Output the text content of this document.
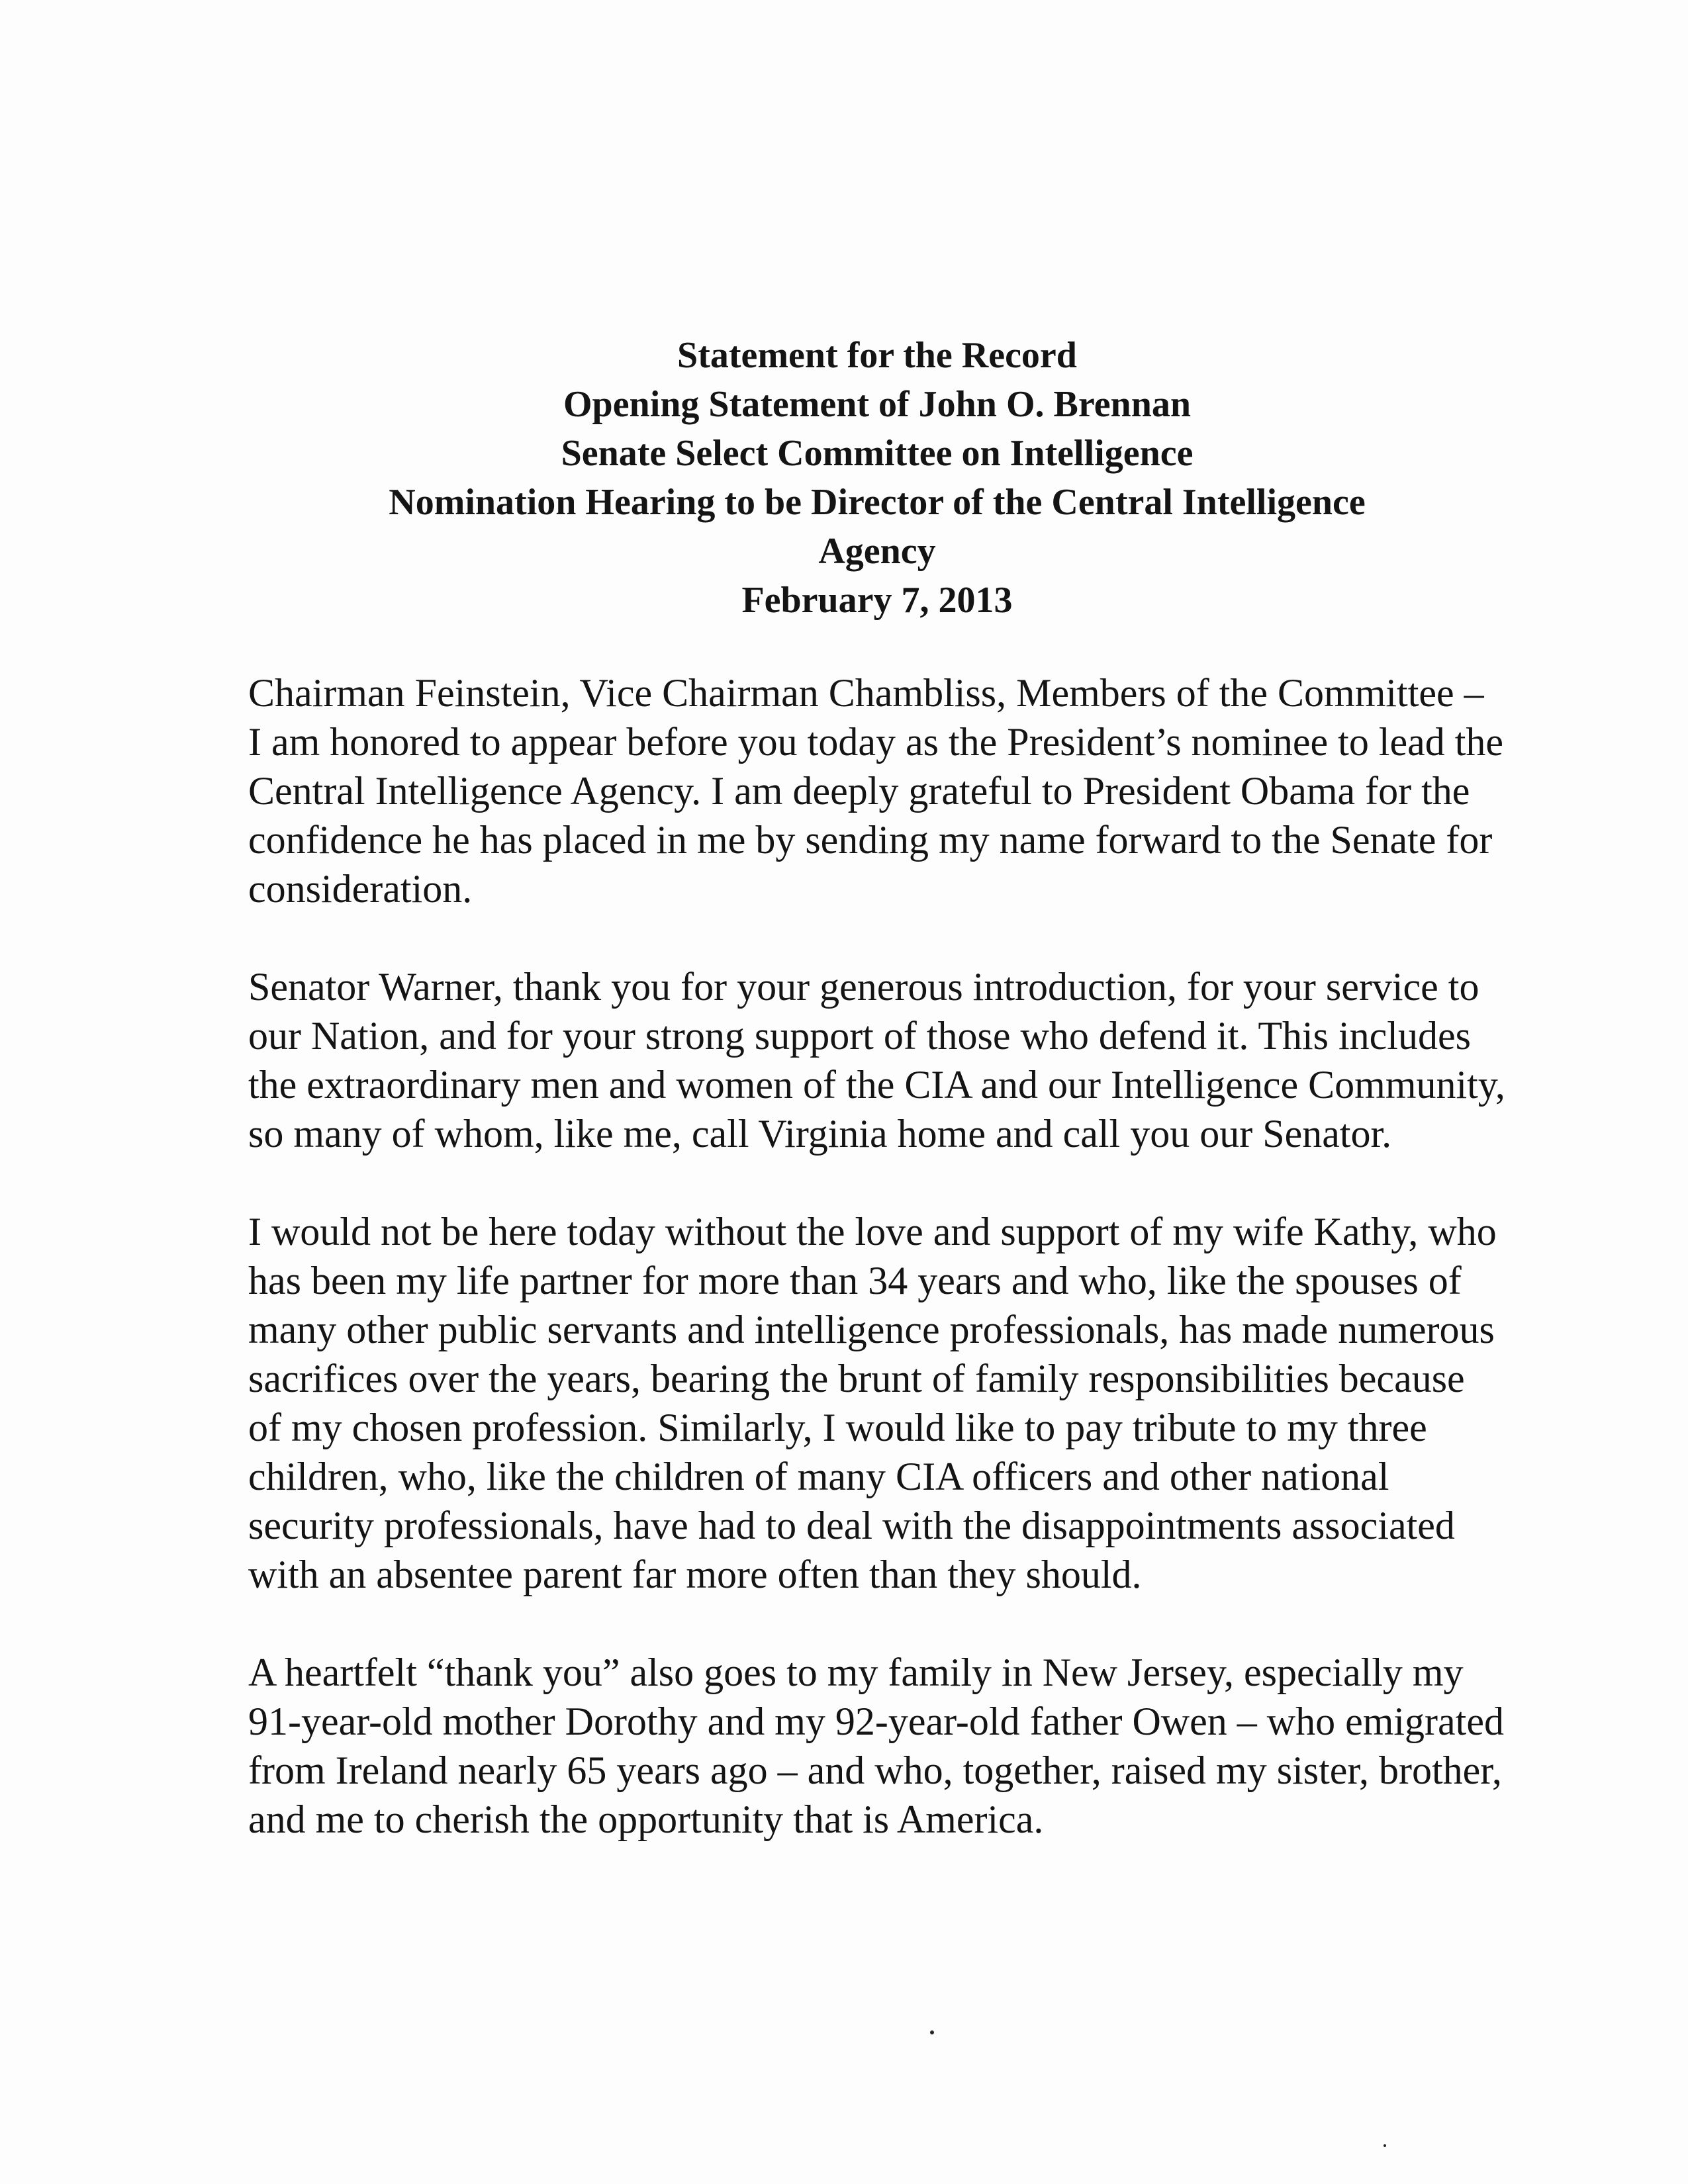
Statement for the Record
Opening Statement of John O. Brennan
Senate Select Committee on Intelligence
Nomination Hearing to be Director of the Central Intelligence
Agency
February 7, 2013

Chairman Feinstein, Vice Chairman Chambliss, Members of the Committee – I am honored to appear before you today as the President’s nominee to lead the Central Intelligence Agency. I am deeply grateful to President Obama for the confidence he has placed in me by sending my name forward to the Senate for consideration.

Senator Warner, thank you for your generous introduction, for your service to our Nation, and for your strong support of those who defend it. This includes the extraordinary men and women of the CIA and our Intelligence Community, so many of whom, like me, call Virginia home and call you our Senator.

I would not be here today without the love and support of my wife Kathy, who has been my life partner for more than 34 years and who, like the spouses of many other public servants and intelligence professionals, has made numerous sacrifices over the years, bearing the brunt of family responsibilities because of my chosen profession. Similarly, I would like to pay tribute to my three children, who, like the children of many CIA officers and other national security professionals, have had to deal with the disappointments associated with an absentee parent far more often than they should.

A heartfelt “thank you” also goes to my family in New Jersey, especially my 91-year-old mother Dorothy and my 92-year-old father Owen – who emigrated from Ireland nearly 65 years ago – and who, together, raised my sister, brother, and me to cherish the opportunity that is America.
